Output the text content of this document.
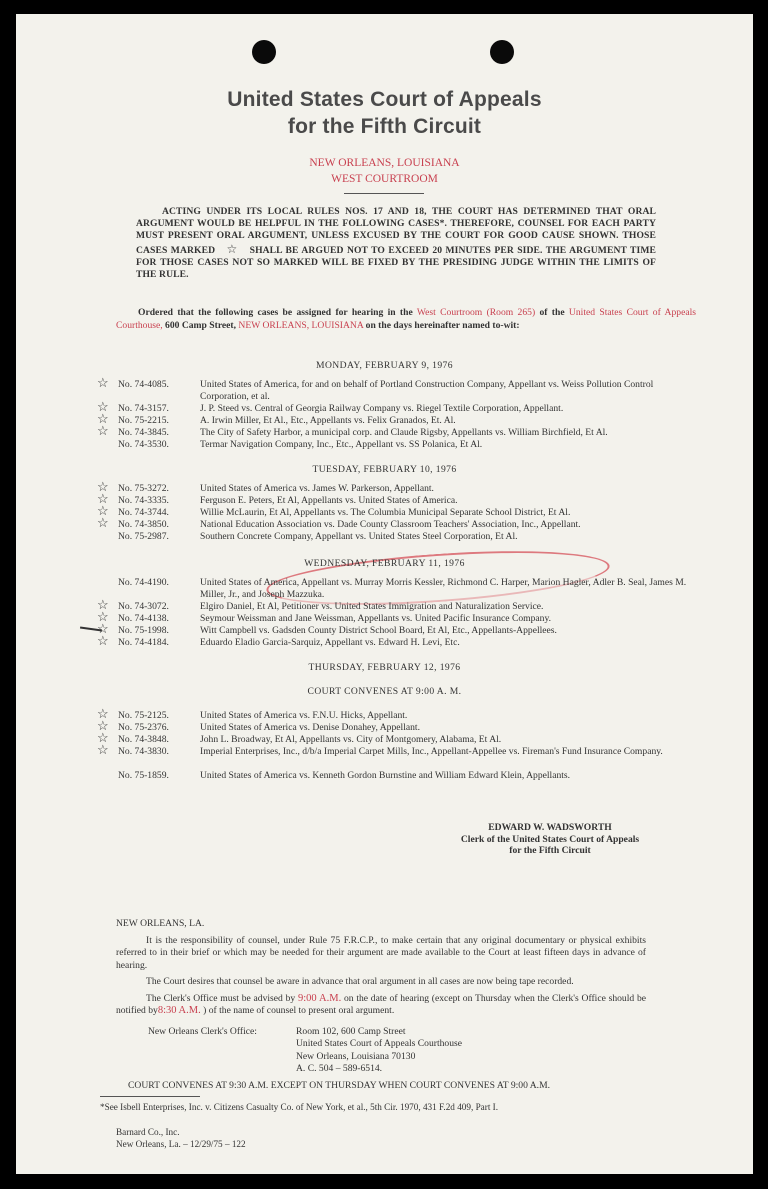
United States Court of Appeals
for the Fifth Circuit
NEW ORLEANS, LOUISIANA
WEST COURTROOM
ACTING UNDER ITS LOCAL RULES NOS. 17 AND 18, THE COURT HAS DETERMINED THAT ORAL ARGUMENT WOULD BE HELPFUL IN THE FOLLOWING CASES*. THEREFORE, COUNSEL FOR EACH PARTY MUST PRESENT ORAL ARGUMENT, UNLESS EXCUSED BY THE COURT FOR GOOD CAUSE SHOWN. THOSE CASES MARKED ☆ SHALL BE ARGUED NOT TO EXCEED 20 MINUTES PER SIDE. THE ARGUMENT TIME FOR THOSE CASES NOT SO MARKED WILL BE FIXED BY THE PRESIDING JUDGE WITHIN THE LIMITS OF THE RULE.
Ordered that the following cases be assigned for hearing in the West Courtroom (Room 265) of the United States Court of Appeals Courthouse, 600 Camp Street, NEW ORLEANS, LOUISIANA on the days hereinafter named to-wit:
MONDAY, FEBRUARY 9, 1976
☆ No. 74-4085.	United States of America, for and on behalf of Portland Construction Company, Appellant vs. Weiss Pollution Control Corporation, et al.
☆ No. 74-3157.	J. P. Steed vs. Central of Georgia Railway Company vs. Riegel Textile Corporation, Appellant.
☆ No. 75-2215.	A. Irwin Miller, Et Al., Etc., Appellants vs. Felix Granados, Et. Al.
☆ No. 74-3845.	The City of Safety Harbor, a municipal corp. and Claude Rigsby, Appellants vs. William Birchfield, Et Al.
No. 74-3530.	Termar Navigation Company, Inc., Etc., Appellant vs. SS Polanica, Et Al.
TUESDAY, FEBRUARY 10, 1976
☆ No. 75-3272.	United States of America vs. James W. Parkerson, Appellant.
☆ No. 74-3335.	Ferguson E. Peters, Et Al, Appellants vs. United States of America.
☆ No. 74-3744.	Willie McLaurin, Et Al, Appellants vs. The Columbia Municipal Separate School District, Et Al.
☆ No. 74-3850.	National Education Association vs. Dade County Classroom Teachers' Association, Inc., Appellant.
No. 75-2987.	Southern Concrete Company, Appellant vs. United States Steel Corporation, Et Al.
WEDNESDAY, FEBRUARY 11, 1976
No. 74-4190.	United States of America, Appellant vs. Murray Morris Kessler, Richmond C. Harper, Marion Hagler, Adler B. Seal, James M. Miller, Jr., and Joseph Mazzuka.
☆ No. 74-3072.	Elgiro Daniel, Et Al, Petitioner vs. United States Immigration and Naturalization Service.
☆ No. 74-4138.	Seymour Weissman and Jane Weissman, Appellants vs. United Pacific Insurance Company.
☆ No. 75-1998.	Witt Campbell vs. Gadsden County District School Board, Et Al, Etc., Appellants-Appellees.
☆ No. 74-4184.	Eduardo Eladio Garcia-Sarquiz, Appellant vs. Edward H. Levi, Etc.
THURSDAY, FEBRUARY 12, 1976
COURT CONVENES AT 9:00 A. M.
☆ No. 75-2125.	United States of America vs. F.N.U. Hicks, Appellant.
☆ No. 75-2376.	United States of America vs. Denise Donahey, Appellant.
☆ No. 74-3848.	John L. Broadway, Et Al, Appellants vs. City of Montgomery, Alabama, Et Al.
☆ No. 74-3830.	Imperial Enterprises, Inc., d/b/a Imperial Carpet Mills, Inc., Appellant-Appellee vs. Fireman's Fund Insurance Company.
No. 75-1859.	United States of America vs. Kenneth Gordon Burnstine and William Edward Klein, Appellants.
EDWARD W. WADSWORTH
Clerk of the United States Court of Appeals
for the Fifth Circuit
NEW ORLEANS, LA.
It is the responsibility of counsel, under Rule 75 F.R.C.P., to make certain that any original documentary or physical exhibits referred to in their brief or which may be needed for their argument are made available to the Court at least fifteen days in advance of hearing.
The Court desires that counsel be aware in advance that oral argument in all cases are now being tape recorded.
The Clerk's Office must be advised by 9:00 A.M. on the date of hearing (except on Thursday when the Clerk's Office should be notified by8:30 A.M. ) of the name of counsel to present oral argument.
New Orleans Clerk's Office:	Room 102, 600 Camp Street
United States Court of Appeals Courthouse
New Orleans, Louisiana 70130
A. C. 504 – 589-6514.
COURT CONVENES AT 9:30 A.M. EXCEPT ON THURSDAY WHEN COURT CONVENES AT 9:00 A.M.
*See Isbell Enterprises, Inc. v. Citizens Casualty Co. of New York, et al., 5th Cir. 1970, 431 F.2d 409, Part I.
Barnard Co., Inc.
New Orleans, La. – 12/29/75 – 122
